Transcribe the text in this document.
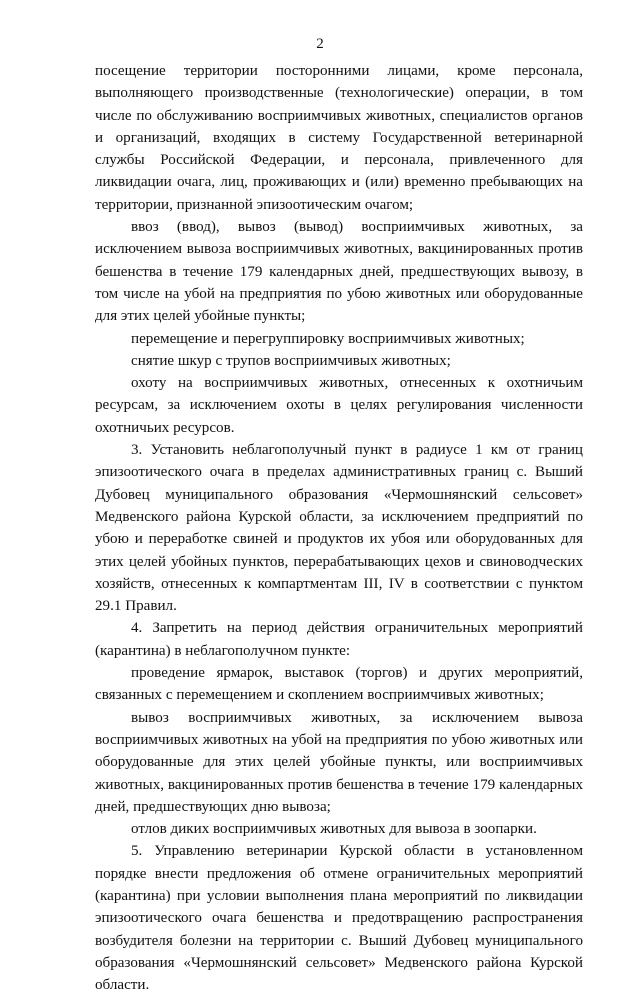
2

посещение территории посторонними лицами, кроме персонала, выполняющего производственные (технологические) операции, в том числе по обслуживанию восприимчивых животных, специалистов органов и организаций, входящих в систему Государственной ветеринарной службы Российской Федерации, и персонала, привлеченного для ликвидации очага, лиц, проживающих и (или) временно пребывающих на территории, признанной эпизоотическим очагом;

ввоз (ввод), вывоз (вывод) восприимчивых животных, за исключением вывоза восприимчивых животных, вакцинированных против бешенства в течение 179 календарных дней, предшествующих вывозу, в том числе на убой на предприятия по убою животных или оборудованные для этих целей убойные пункты;

перемещение и перегруппировку восприимчивых животных;

снятие шкур с трупов восприимчивых животных;

охоту на восприимчивых животных, отнесенных к охотничьим ресурсам, за исключением охоты в целях регулирования численности охотничьих ресурсов.

3. Установить неблагополучный пункт в радиусе 1 км от границ эпизоотического очага в пределах административных границ с. Выший Дубовец муниципального образования «Чермошнянский сельсовет» Медвенского района Курской области, за исключением предприятий по убою и переработке свиней и продуктов их убоя или оборудованных для этих целей убойных пунктов, перерабатывающих цехов и свиноводческих хозяйств, отнесенных к компартментам III, IV в соответствии с пунктом 29.1 Правил.

4. Запретить на период действия ограничительных мероприятий (карантина) в неблагополучном пункте:

проведение ярмарок, выставок (торгов) и других мероприятий, связанных с перемещением и скоплением восприимчивых животных;

вывоз восприимчивых животных, за исключением вывоза восприимчивых животных на убой на предприятия по убою животных или оборудованные для этих целей убойные пункты, или восприимчивых животных, вакцинированных против бешенства в течение 179 календарных дней, предшествующих дню вывоза;

отлов диких восприимчивых животных для вывоза в зоопарки.

5. Управлению ветеринарии Курской области в установленном порядке внести предложения об отмене ограничительных мероприятий (карантина) при условии выполнения плана мероприятий по ликвидации эпизоотического очага бешенства и предотвращению распространения возбудителя болезни на территории с. Выший Дубовец муниципального образования «Чермошнянский сельсовет» Медвенского района Курской области.
